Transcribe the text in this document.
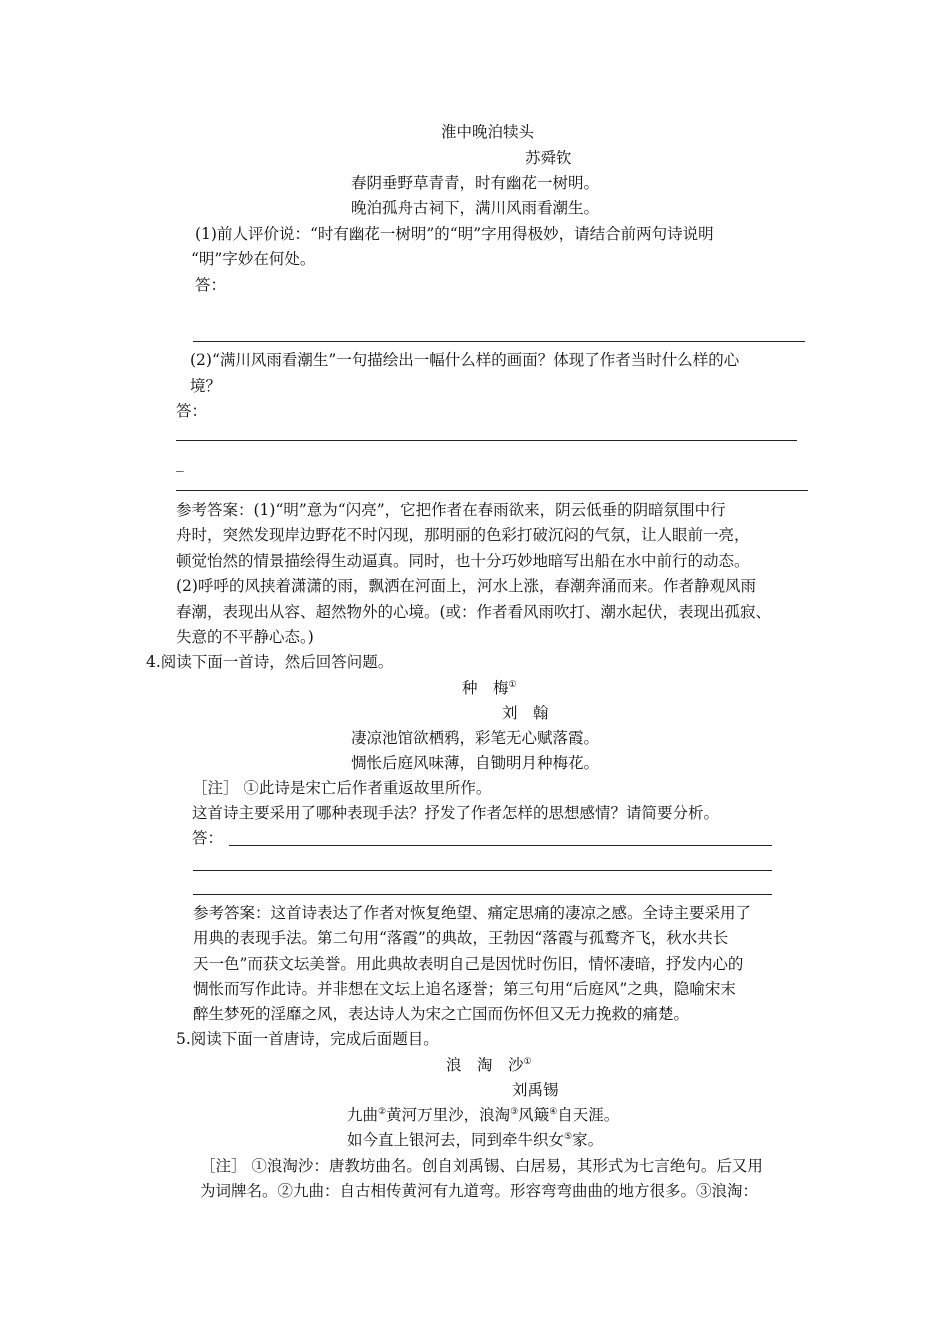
淮中晚泊犊头
苏舜钦
春阴垂野草青青，时有幽花一树明。
晚泊孤舟古祠下，满川风雨看潮生。
(1)前人评价说：“时有幽花一树明”的“明”字用得极妙，请结合前两句诗说明
“明”字妙在何处。
答：
(2)“满川风雨看潮生”一句描绘出一幅什么样的画面？体现了作者当时什么样的心
境？
答：
_
参考答案：(1)“明”意为“闪亮”，它把作者在春雨欲来，阴云低垂的阴暗氛围中行
舟时，突然发现岸边野花不时闪现，那明丽的色彩打破沉闷的气氛，让人眼前一亮，
顿觉怡然的情景描绘得生动逼真。同时，也十分巧妙地暗写出船在水中前行的动态。
(2)呼呼的风挟着潇潇的雨，飘洒在河面上，河水上涨，春潮奔涌而来。作者静观风雨
春潮，表现出从容、超然物外的心境。(或：作者看风雨吹打、潮水起伏，表现出孤寂、
失意的不平静心态。)
4.阅读下面一首诗，然后回答问题。
种　梅①
刘　翰
凄凉池馆欲栖鸦，彩笔无心赋落霞。
惆怅后庭风味薄，自锄明月种梅花。
［注］ ①此诗是宋亡后作者重返故里所作。
这首诗主要采用了哪种表现手法？抒发了作者怎样的思想感情？请简要分析。
答：
参考答案：这首诗表达了作者对恢复绝望、痛定思痛的凄凉之感。全诗主要采用了
用典的表现手法。第二句用“落霞”的典故，王勃因“落霞与孤鹜齐飞，秋水共长
天一色”而获文坛美誉。用此典故表明自己是因忧时伤旧，情怀凄暗，抒发内心的
惆怅而写作此诗。并非想在文坛上追名逐誉；第三句用“后庭风”之典，隐喻宋末
醉生梦死的淫靡之风，表达诗人为宋之亡国而伤怀但又无力挽救的痛楚。
5.阅读下面一首唐诗，完成后面题目。
浪　淘　沙①
刘禹锡
九曲②黄河万里沙，浪淘③风簸④自天涯。
如今直上银河去，同到牵牛织女⑤家。
［注］ ①浪淘沙：唐教坊曲名。创自刘禹锡、白居易，其形式为七言绝句。后又用
为词牌名。②九曲：自古相传黄河有九道弯。形容弯弯曲曲的地方很多。③浪淘：
